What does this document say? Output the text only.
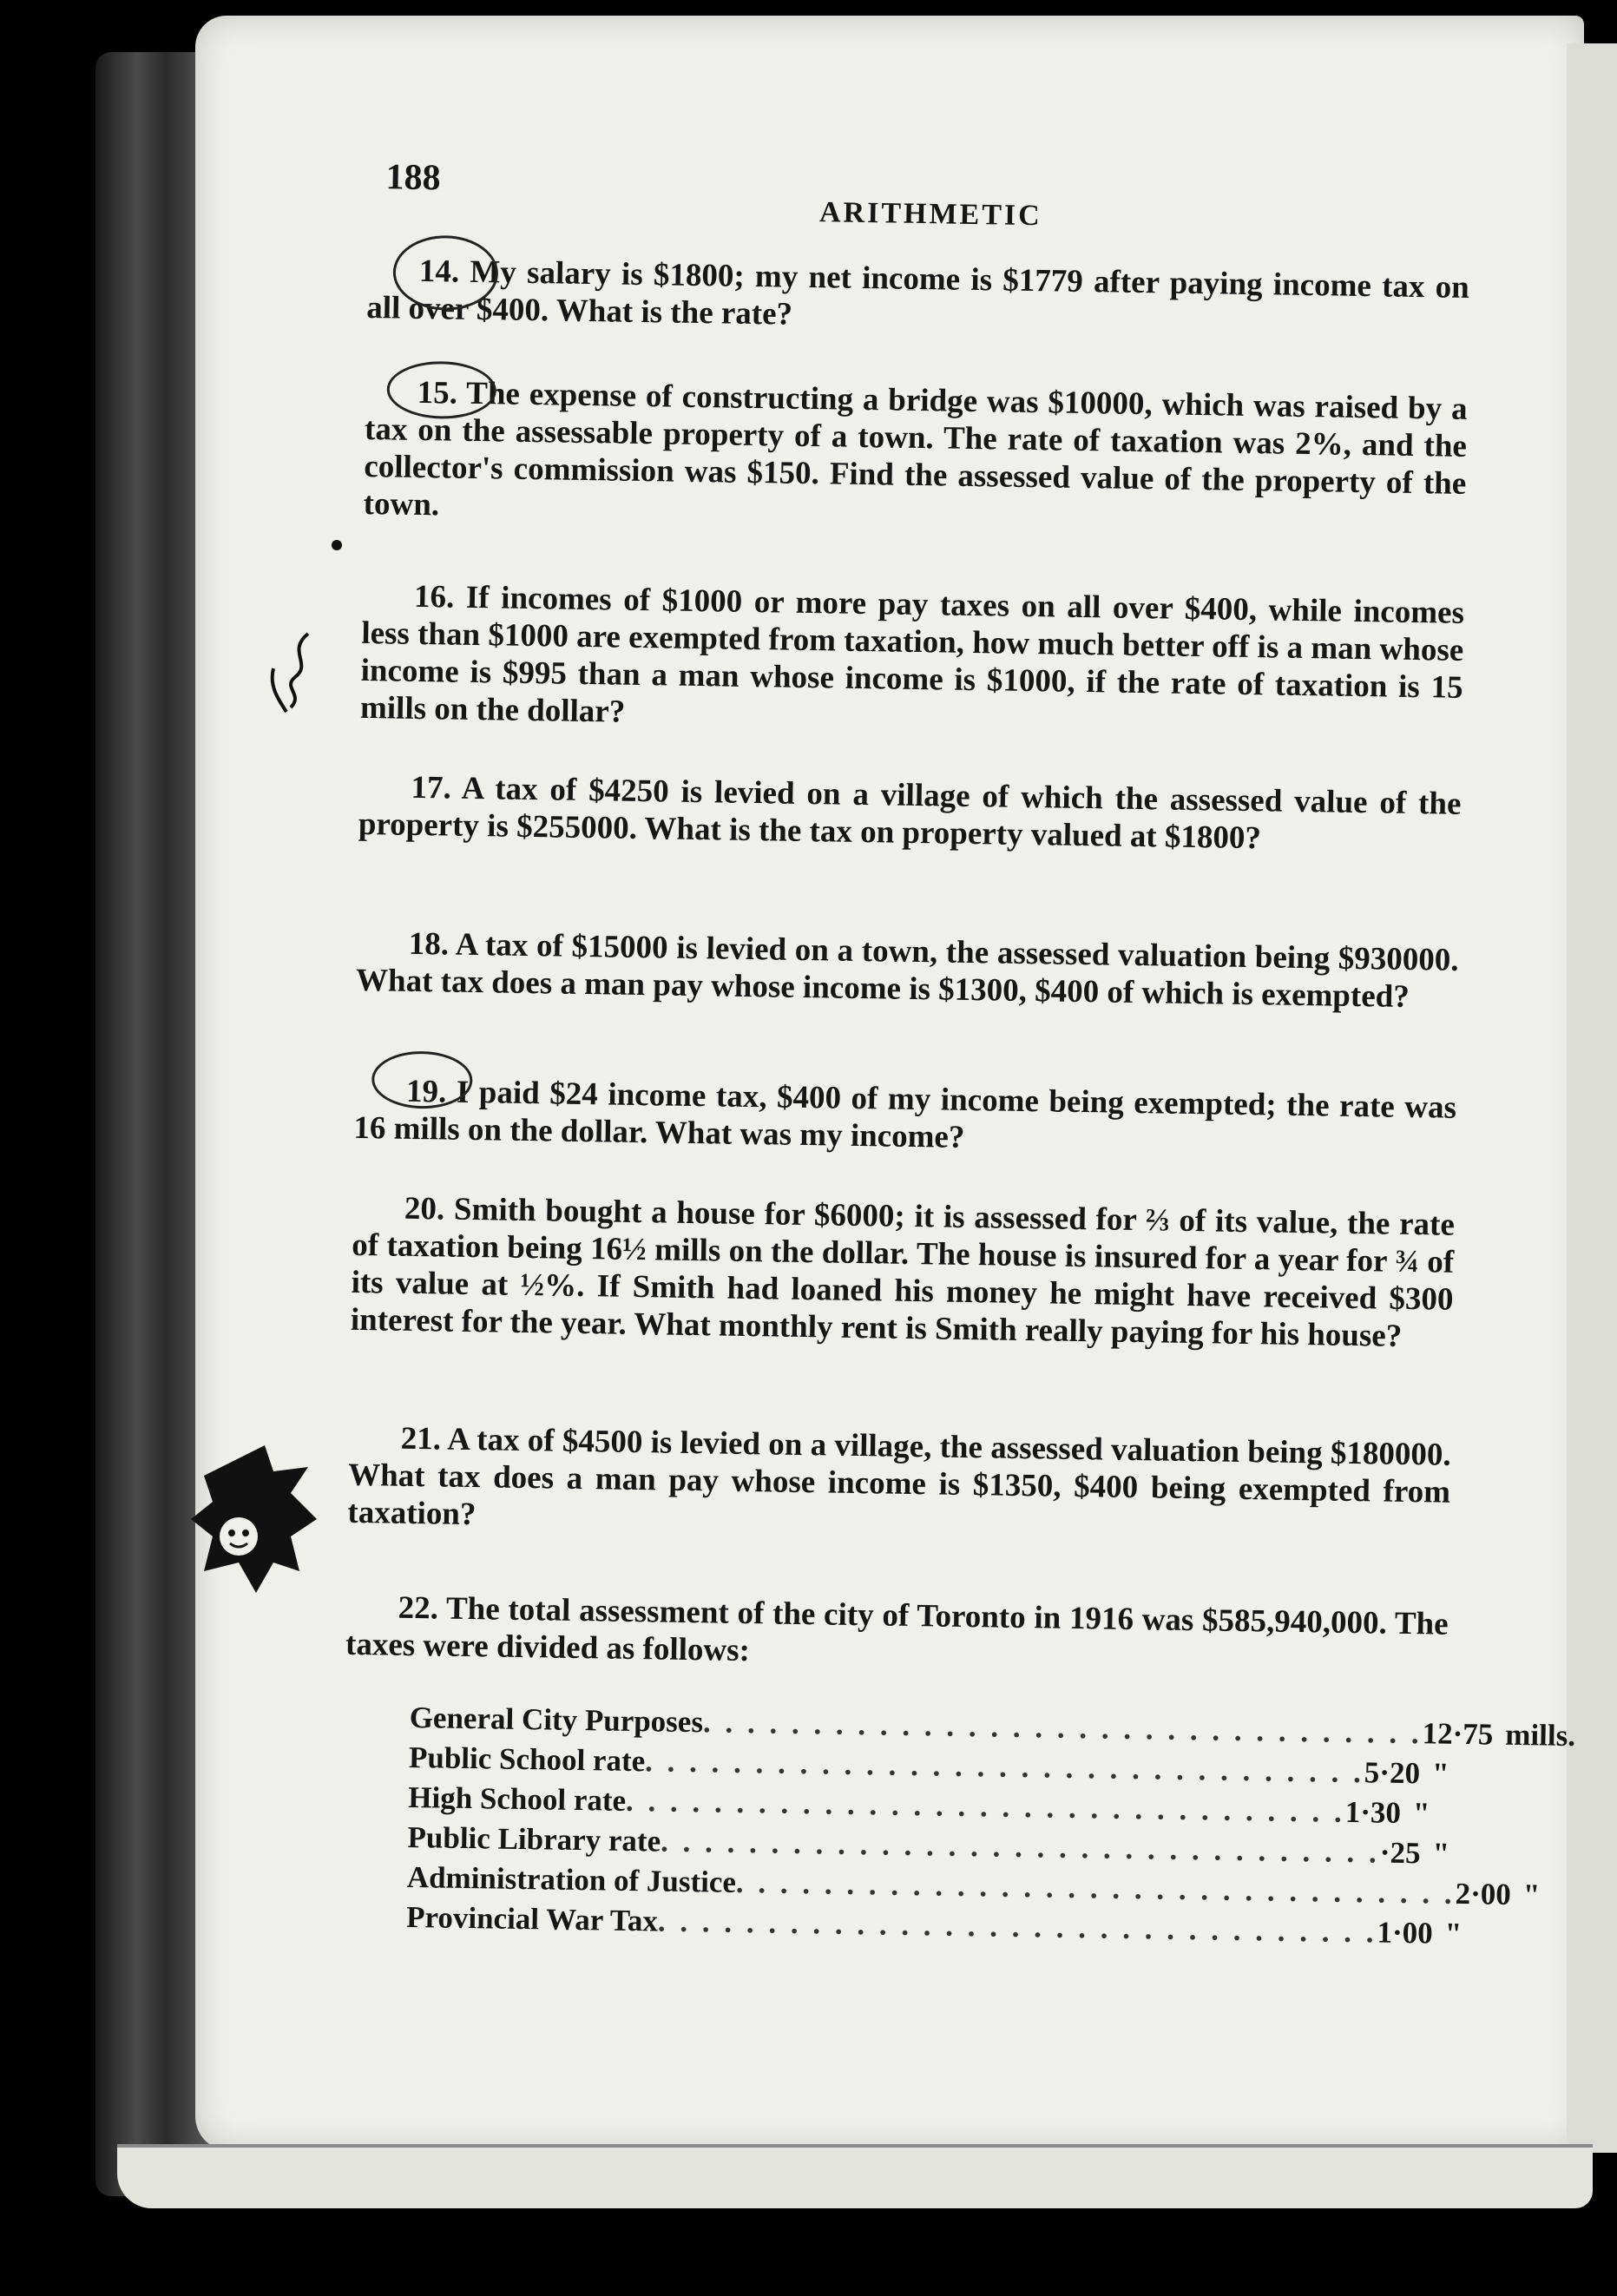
188
ARITHMETIC
14. My salary is $1800; my net income is $1779 after paying income tax on all over $400. What is the rate?
15. The expense of constructing a bridge was $10000, which was raised by a tax on the assessable property of a town. The rate of taxation was 2%, and the collector's commission was $150. Find the assessed value of the property of the town.
16. If incomes of $1000 or more pay taxes on all over $400, while incomes less than $1000 are exempted from taxation, how much better off is a man whose income is $995 than a man whose income is $1000, if the rate of taxation is 15 mills on the dollar?
17. A tax of $4250 is levied on a village of which the assessed value of the property is $255000. What is the tax on property valued at $1800?
18. A tax of $15000 is levied on a town, the assessed valuation being $930000. What tax does a man pay whose income is $1300, $400 of which is exempted?
19. I paid $24 income tax, $400 of my income being exempted; the rate was 16 mills on the dollar. What was my income?
20. Smith bought a house for $6000; it is assessed for ⅔ of its value, the rate of taxation being 16½ mills on the dollar. The house is insured for a year for ¾ of its value at ½%. If Smith had loaned his money he might have received $300 interest for the year. What monthly rent is Smith really paying for his house?
21. A tax of $4500 is levied on a village, the assessed valuation being $180000. What tax does a man pay whose income is $1350, $400 being exempted from taxation?
22. The total assessment of the city of Toronto in 1916 was $585,940,000. The taxes were divided as follows:
General City Purposes . . . . . . . . . . . . . . . . . . . . . . . . . . . . . . . . . 12·75 mills.
Public School rate . . . . . . . . . . . . . . . . . . . . . . . . . . . . . . . . . 5·20 "
High School rate . . . . . . . . . . . . . . . . . . . . . . . . . . . . . . . . . 1·30 "
Public Library rate . . . . . . . . . . . . . . . . . . . . . . . . . . . . . . . . . ·25 "
Administration of Justice . . . . . . . . . . . . . . . . . . . . . . . . . . . . . . . . . 2·00 "
Provincial War Tax . . . . . . . . . . . . . . . . . . . . . . . . . . . . . . . . . 1·00 "
